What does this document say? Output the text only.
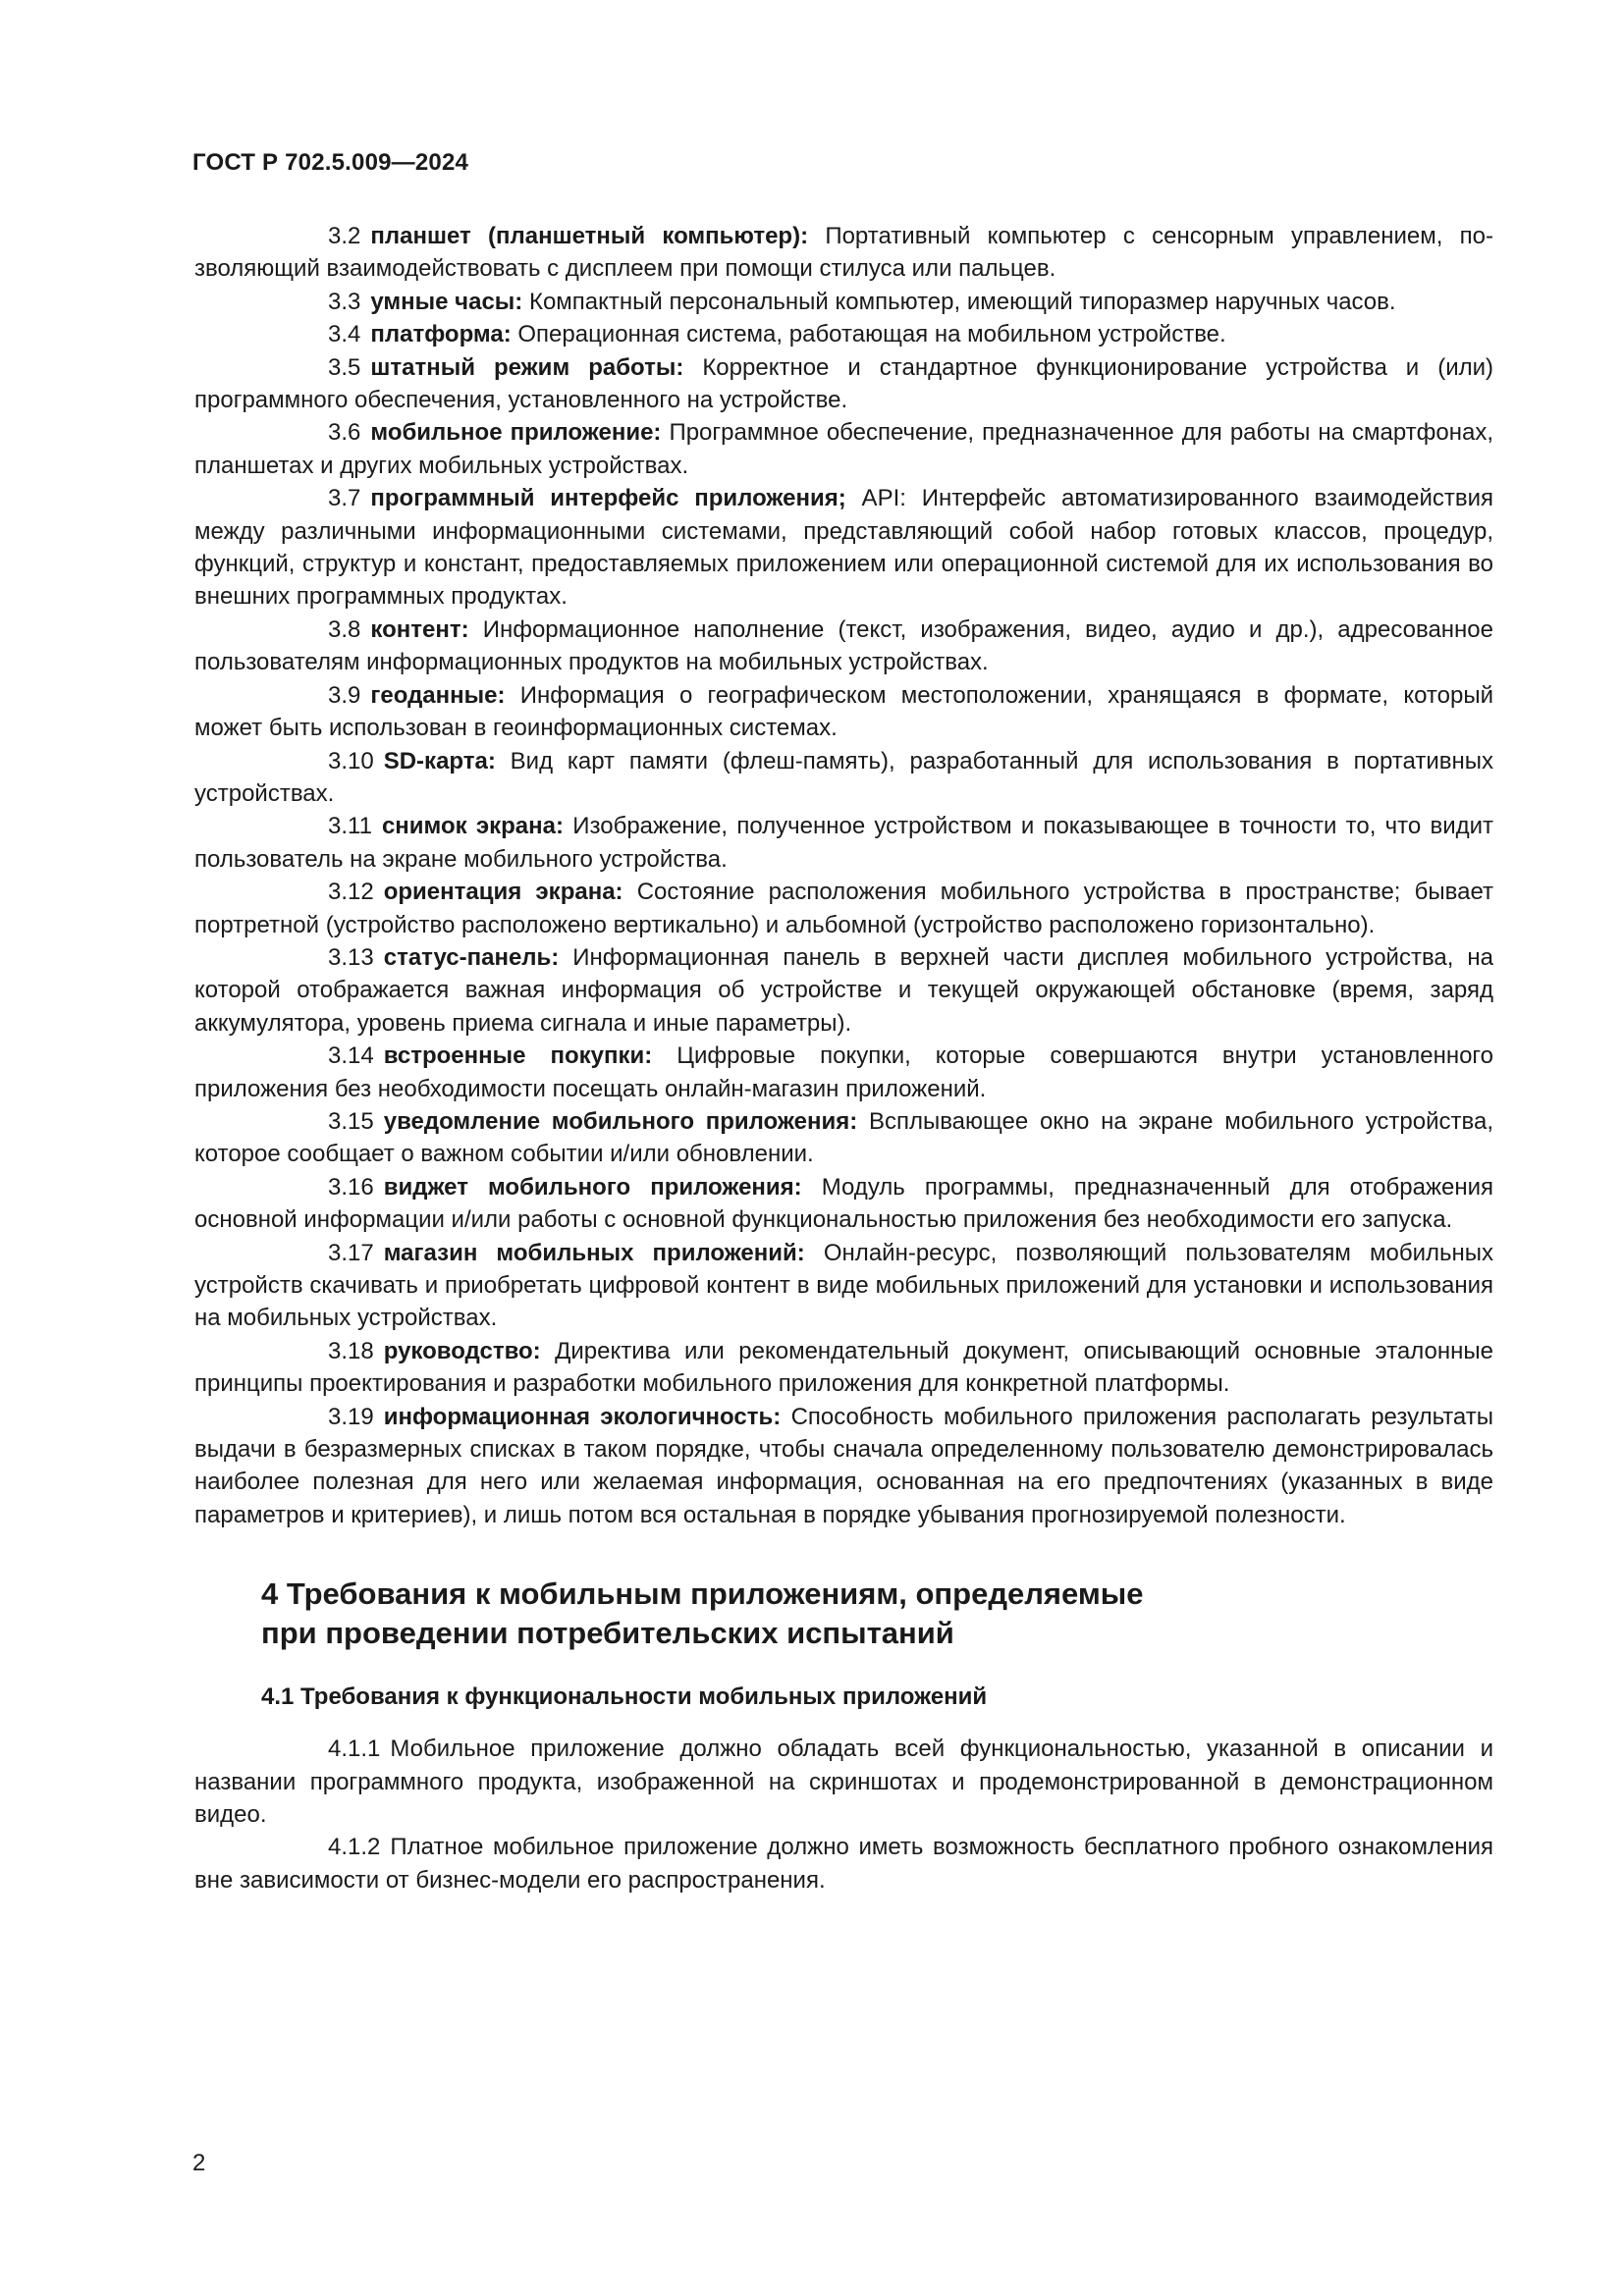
ГОСТ Р 702.5.009—2024

3.2 планшет (планшетный компьютер): Портативный компьютер с сенсорным управлением, позволяющий взаимодействовать с дисплеем при помощи стилуса или пальцев.

3.3 умные часы: Компактный персональный компьютер, имеющий типоразмер наручных часов.

3.4 платформа: Операционная система, работающая на мобильном устройстве.

3.5 штатный режим работы: Корректное и стандартное функционирование устройства и (или) программного обеспечения, установленного на устройстве.

3.6 мобильное приложение: Программное обеспечение, предназначенное для работы на смартфонах, планшетах и других мобильных устройствах.

3.7 программный интерфейс приложения; API: Интерфейс автоматизированного взаимодействия между различными информационными системами, представляющий собой набор готовых классов, процедур, функций, структур и констант, предоставляемых приложением или операционной системой для их использования во внешних программных продуктах.

3.8 контент: Информационное наполнение (текст, изображения, видео, аудио и др.), адресованное пользователям информационных продуктов на мобильных устройствах.

3.9 геоданные: Информация о географическом местоположении, хранящаяся в формате, который может быть использован в геоинформационных системах.

3.10 SD-карта: Вид карт памяти (флеш-память), разработанный для использования в портативных устройствах.

3.11 снимок экрана: Изображение, полученное устройством и показывающее в точности то, что видит пользователь на экране мобильного устройства.

3.12 ориентация экрана: Состояние расположения мобильного устройства в пространстве; бывает портретной (устройство расположено вертикально) и альбомной (устройство расположено горизонтально).

3.13 статус-панель: Информационная панель в верхней части дисплея мобильного устройства, на которой отображается важная информация об устройстве и текущей окружающей обстановке (время, заряд аккумулятора, уровень приема сигнала и иные параметры).

3.14 встроенные покупки: Цифровые покупки, которые совершаются внутри установленного приложения без необходимости посещать онлайн-магазин приложений.

3.15 уведомление мобильного приложения: Всплывающее окно на экране мобильного устройства, которое сообщает о важном событии и/или обновлении.

3.16 виджет мобильного приложения: Модуль программы, предназначенный для отображения основной информации и/или работы с основной функциональностью приложения без необходимости его запуска.

3.17 магазин мобильных приложений: Онлайн-ресурс, позволяющий пользователям мобильных устройств скачивать и приобретать цифровой контент в виде мобильных приложений для установки и использования на мобильных устройствах.

3.18 руководство: Директива или рекомендательный документ, описывающий основные эталонные принципы проектирования и разработки мобильного приложения для конкретной платформы.

3.19 информационная экологичность: Способность мобильного приложения располагать результаты выдачи в безразмерных списках в таком порядке, чтобы сначала определенному пользователю демонстрировалась наиболее полезная для него или желаемая информация, основанная на его предпочтениях (указанных в виде параметров и критериев), и лишь потом вся остальная в порядке убывания прогнозируемой полезности.

4 Требования к мобильным приложениям, определяемые
при проведении потребительских испытаний
4.1 Требования к функциональности мобильных приложений

4.1.1 Мобильное приложение должно обладать всей функциональностью, указанной в описании и названии программного продукта, изображенной на скриншотах и продемонстрированной в демонстрационном видео.

4.1.2 Платное мобильное приложение должно иметь возможность бесплатного пробного ознакомления вне зависимости от бизнес-модели его распространения.

2
